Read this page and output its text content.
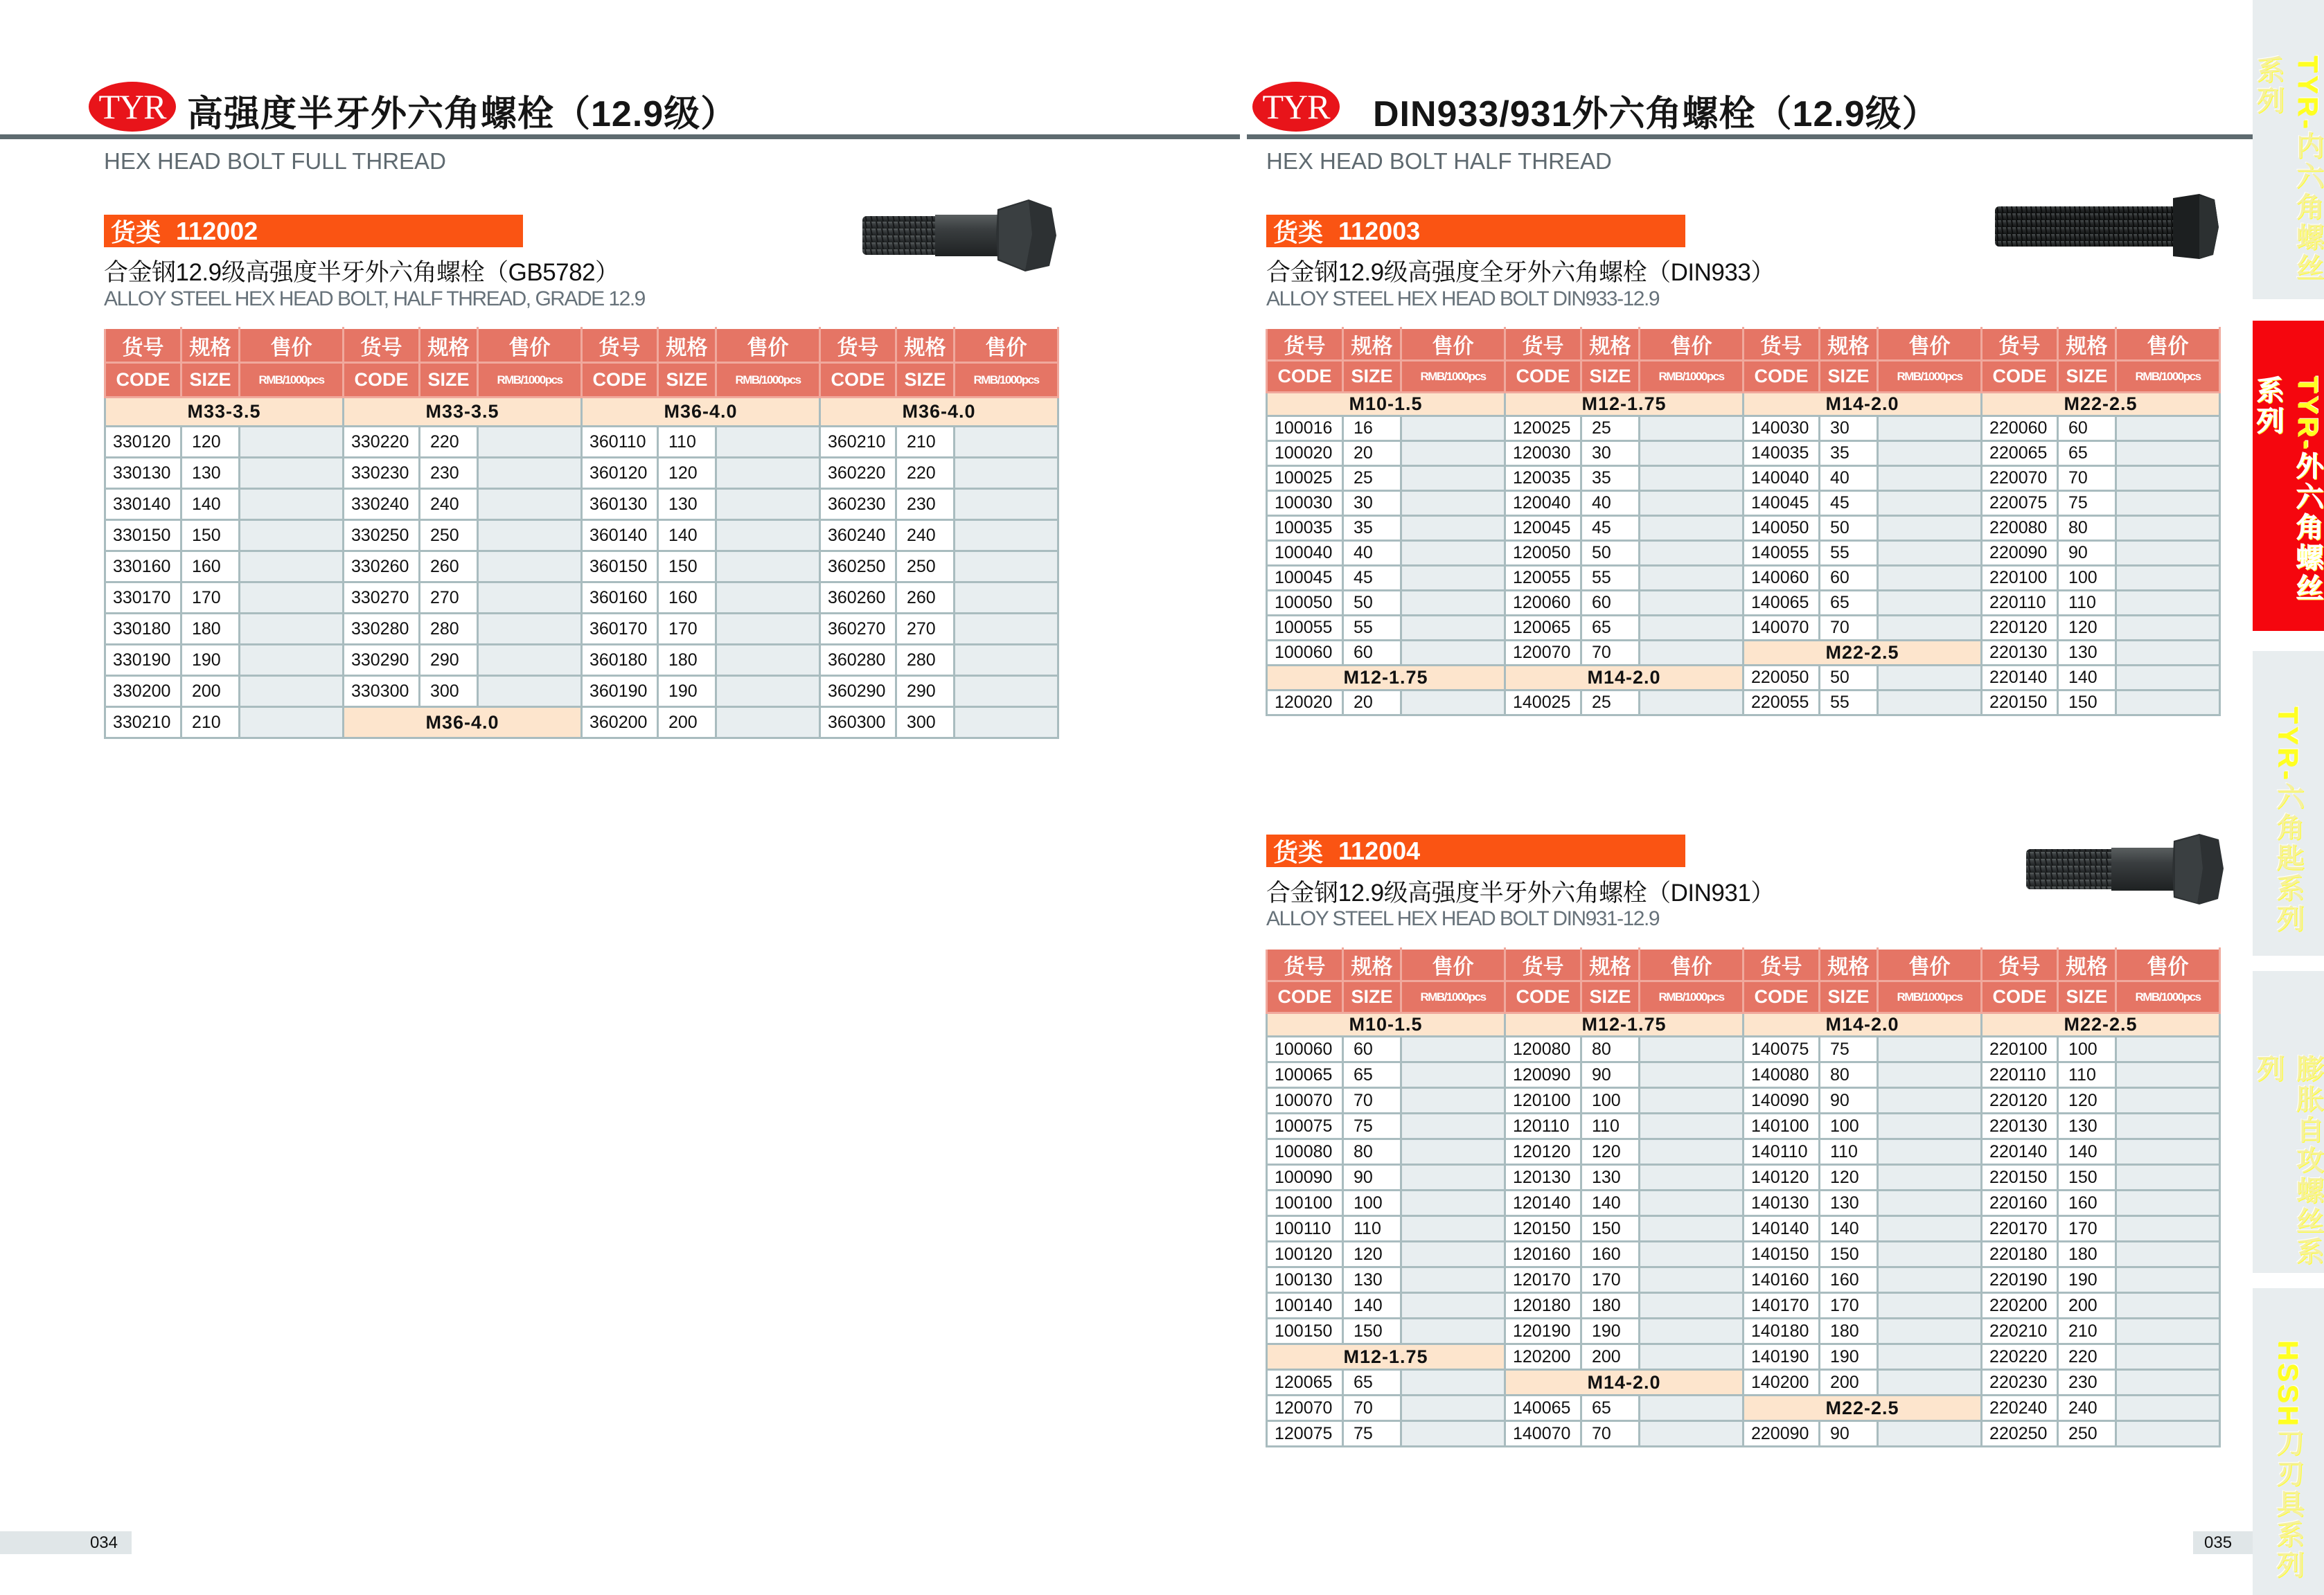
TYR 高强度半牙外六角螺栓（12.9级）
HEX HEAD BOLT FULL THREAD
货类 112002
合金钢12.9级高强度半牙外六角螺栓（GB5782）
ALLOY STEEL HEX HEAD BOLT, HALF THREAD, GRADE 12.9
货号	规格	售价	货号	规格	售价	货号	规格	售价	货号	规格	售价
CODE	SIZE	RMB/1000pcs	CODE	SIZE	RMB/1000pcs	CODE	SIZE	RMB/1000pcs	CODE	SIZE	RMB/1000pcs
M33-3.5			M33-3.5			M36-4.0			M36-4.0		
330120	120		330220	220		360110	110		360210	210	
330130	130		330230	230		360120	120		360220	220	
330140	140		330240	240		360130	130		360230	230	
330150	150		330250	250		360140	140		360240	240	
330160	160		330260	260		360150	150		360250	250	
330170	170		330270	270		360160	160		360260	260	
330180	180		330280	280		360170	170		360270	270	
330190	190		330290	290		360180	180		360280	280	
330200	200		330300	300		360190	190		360290	290	
330210	210		M36-4.0			360200	200		360300	300	
034
TYR DIN933/931外六角螺栓（12.9级）
HEX HEAD BOLT HALF THREAD
货类 112003
合金钢12.9级高强度全牙外六角螺栓（DIN933）
ALLOY STEEL HEX HEAD BOLT DIN933-12.9
货号	规格	售价	货号	规格	售价	货号	规格	售价	货号	规格	售价
CODE	SIZE	RMB/1000pcs	CODE	SIZE	RMB/1000pcs	CODE	SIZE	RMB/1000pcs	CODE	SIZE	RMB/1000pcs
M10-1.5			M12-1.75			M14-2.0			M22-2.5		
100016	16		120025	25		140030	30		220060	60	
100020	20		120030	30		140035	35		220065	65	
100025	25		120035	35		140040	40		220070	70	
100030	30		120040	40		140045	45		220075	75	
100035	35		120045	45		140050	50		220080	80	
100040	40		120050	50		140055	55		220090	90	
100045	45		120055	55		140060	60		220100	100	
100050	50		120060	60		140065	65		220110	110	
100055	55		120065	65		140070	70		220120	120	
100060	60		120070	70		M22-2.5			220130	130	
M12-1.75			M14-2.0			220050	50		220140	140	
120020	20		140025	25		220055	55		220150	150	
货类 112004
合金钢12.9级高强度半牙外六角螺栓（DIN931）
ALLOY STEEL HEX HEAD BOLT DIN931-12.9
货号	规格	售价	货号	规格	售价	货号	规格	售价	货号	规格	售价
CODE	SIZE	RMB/1000pcs	CODE	SIZE	RMB/1000pcs	CODE	SIZE	RMB/1000pcs	CODE	SIZE	RMB/1000pcs
M10-1.5			M12-1.75			M14-2.0			M22-2.5		
100060	60		120080	80		140075	75		220100	100	
100065	65		120090	90		140080	80		220110	110	
100070	70		120100	100		140090	90		220120	120	
100075	75		120110	110		140100	100		220130	130	
100080	80		120120	120		140110	110		220140	140	
100090	90		120130	130		140120	120		220150	150	
100100	100		120140	140		140130	130		220160	160	
100110	110		120150	150		140140	140		220170	170	
100120	120		120160	160		140150	150		220180	180	
100130	130		120170	170		140160	160		220190	190	
100140	140		120180	180		140170	170		220200	200	
100150	150		120190	190		140180	180		220210	210	
M12-1.75			120200	200		140190	190		220220	220	
120065	65		M14-2.0			140200	200		220230	230	
120070	70		140065	65		M22-2.5			220240	240	
120075	75		140070	70		220090	90		220250	250	
035
TYR-内六角螺丝系列
TYR-外六角螺丝系列
TYR-六角匙系列
膨胀自攻螺丝系列
HSSH刀刃具系列
